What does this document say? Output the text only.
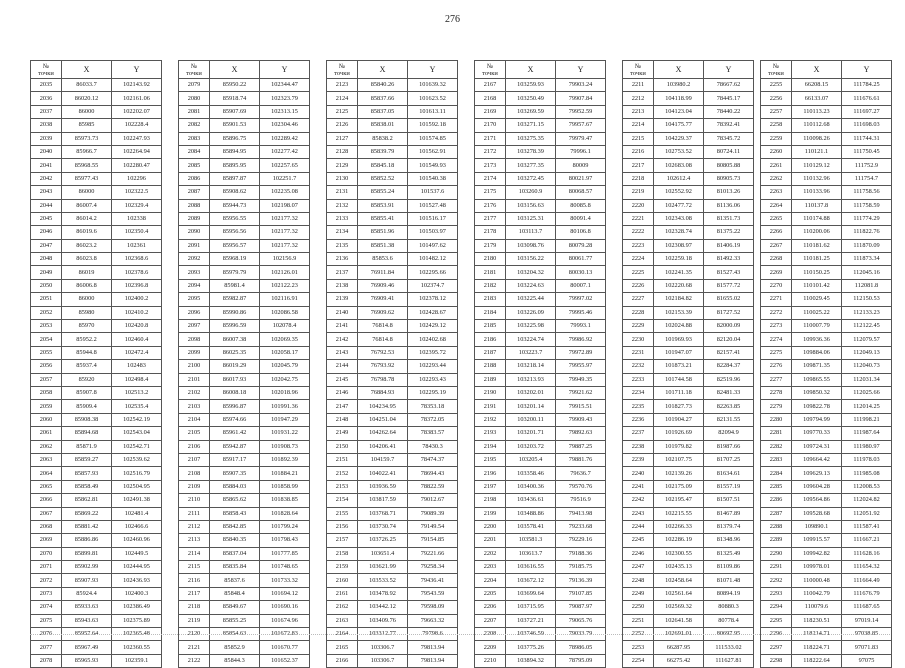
276
№
точки	X	Y
2035	86033.7	102143.92
2036	86020.12	102161.06
2037	86000	102202.07
2038	85985	102228.4
2039	85973.73	102247.93
2040	85966.7	102264.94
2041	85968.55	102280.47
2042	85977.43	102296
2043	86000	102322.5
2044	86007.4	102329.4
2045	86014.2	102338
2046	86019.6	102350.4
2047	86023.2	102361
2048	86023.8	102368.6
2049	86019	102378.6
2050	86006.8	102396.8
2051	86000	102400.2
2052	85980	102410.2
2053	85970	102420.8
2054	85952.2	102460.4
2055	85944.8	102472.4
2056	85937.4	102483
2057	85920	102498.4
2058	85907.8	102513.2
2059	85909.4	102535.4
2060	85908.38	102542.19
2061	85894.68	102543.04
2062	85871.9	102542.71
2063	85859.27	102539.62
2064	85857.93	102516.79
2065	85858.49	102504.95
2066	85862.81	102491.38
2067	85869.22	102481.4
2068	85881.42	102466.6
2069	85886.86	102460.96
2070	85899.81	102449.5
2071	85902.99	102444.95
2072	85907.93	102436.93
2073	85924.4	102400.3
2074	85933.63	102386.49
2075	85943.63	102375.89
2076	85957.64	102365.48
2077	85967.49	102360.55
2078	85965.93	102359.1
№
точки	X	Y
2079	85950.22	102344.47
2080	85918.74	102323.79
2081	85907.69	102313.15
2082	85901.53	102304.46
2083	85896.75	102289.42
2084	85894.95	102277.42
2085	85895.95	102257.65
2086	85897.87	102251.7
2087	85908.62	102235.08
2088	85944.73	102198.07
2089	85956.55	102177.32
2090	85956.56	102177.32
2091	85956.57	102177.32
2092	85968.19	102156.9
2093	85979.79	102126.01
2094	85981.4	102122.23
2095	85982.87	102116.91
2096	85990.86	102086.58
2097	85996.59	102078.4
2098	86007.38	102069.35
2099	86025.35	102058.17
2100	86019.29	102045.79
2101	86017.93	102042.75
2102	86008.18	102018.96
2103	85996.87	101991.36
2104	85974.66	101947.29
2105	85961.42	101931.22
2106	85942.87	101908.73
2107	85917.17	101892.39
2108	85907.35	101884.21
2109	85884.03	101858.99
2110	85865.62	101838.85
2111	85858.43	101828.64
2112	85842.85	101799.24
2113	85840.35	101798.43
2114	85837.04	101777.85
2115	85835.84	101748.65
2116	85837.6	101733.32
2117	85848.4	101694.12
2118	85849.67	101690.16
2119	85855.25	101674.96
2120	85854.63	101672.83
2121	85852.9	101670.77
2122	85844.3	101652.37
№
точки	X	Y
2123	85840.26	101639.32
2124	85837.66	101623.52
2125	85837.05	101613.11
2126	85838.01	101592.18
2127	85838.2	101574.85
2128	85839.79	101562.91
2129	85845.18	101549.93
2130	85852.52	101540.38
2131	85855.24	101537.6
2132	85853.91	101527.48
2133	85855.41	101516.17
2134	85851.96	101503.97
2135	85851.38	101497.62
2136	85853.6	101482.12
2137	76911.84	102295.66
2138	76909.46	102374.7
2139	76909.41	102378.12
2140	76909.62	102428.67
2141	76814.8	102429.12
2142	76814.8	102402.68
2143	76792.53	102395.72
2144	76793.92	102293.44
2145	76798.78	102293.43
2146	76884.93	102295.19
2147	104234.95	78353.18
2148	104251.04	78372.05
2149	104262.64	78383.57
2150	104206.41	78430.3
2151	104159.7	78474.37
2152	104022.41	78694.43
2153	103936.59	78822.59
2154	103817.59	79012.67
2155	103768.71	79089.39
2156	103730.74	79149.54
2157	103726.25	79154.85
2158	103651.4	79221.66
2159	103621.99	79258.34
2160	103533.52	79436.41
2161	103478.92	79543.59
2162	103442.12	79598.09
2163	103409.76	79663.32
2164	103312.77	79798.6
2165	103306.7	79813.94
2166	103306.7	79813.94
№
точки	X	Y
2167	103259.93	79903.24
2168	103250.49	79907.84
2169	103269.59	79952.59
2170	103271.15	79957.67
2171	103275.35	79979.47
2172	103278.39	79996.1
2173	103277.35	80009
2174	103272.45	80021.97
2175	103260.9	80068.57
2176	103156.63	80085.8
2177	103125.31	80091.4
2178	103113.7	80106.8
2179	103098.76	80079.28
2180	103156.22	80061.77
2181	103204.32	80030.13
2182	103224.63	80007.1
2183	103225.44	79997.02
2184	103226.09	79995.46
2185	103225.98	79993.1
2186	103224.74	79986.92
2187	103223.7	79972.89
2188	103218.14	79955.97
2189	103213.93	79949.35
2190	103202.01	79921.62
2191	103201.14	79915.51
2192	103200.11	79909.43
2193	103201.71	79892.63
2194	103203.72	79887.25
2195	103205.4	79881.76
2196	103358.46	79636.7
2197	103400.36	79570.76
2198	103436.61	79516.9
2199	103488.86	79413.98
2200	103578.41	79233.68
2201	103581.3	79229.16
2202	103613.7	79188.36
2203	103616.55	79185.75
2204	103672.12	79136.39
2205	103699.64	79107.85
2206	103715.95	79087.97
2207	103727.21	79065.76
2208	103746.59	79033.79
2209	103775.26	78986.05
2210	103894.32	78795.09
№
точки	X	Y
2211	103980.2	78667.62
2212	104118.99	78445.17
2213	104123.04	78440.22
2214	104175.77	78392.41
2215	104229.37	78345.72
2216	102753.52	80724.11
2217	102683.08	80805.88
2218	102612.4	80905.73
2219	102552.92	81013.26
2220	102477.72	81136.06
2221	102343.08	81351.73
2222	102328.74	81375.22
2223	102308.97	81406.19
2224	102259.18	81492.33
2225	102241.35	81527.43
2226	102220.68	81577.72
2227	102184.82	81655.02
2228	102153.39	81727.52
2229	102024.88	82000.09
2230	101969.93	82120.04
2231	101947.07	82157.41
2232	101873.21	82284.37
2233	101744.58	82519.96
2234	101711.18	82481.33
2235	101827.73	82263.85
2236	101904.27	82131.55
2237	101926.69	82094.9
2238	101979.82	81987.66
2239	102107.75	81707.25
2240	102139.26	81634.61
2241	102175.09	81557.19
2242	102195.47	81507.51
2243	102215.55	81467.89
2244	102266.33	81379.74
2245	102286.19	81348.96
2246	102300.55	81325.49
2247	102435.13	81109.86
2248	102458.64	81071.48
2249	102561.64	80894.19
2250	102569.32	80880.3
2251	102641.58	80778.4
2252	102691.01	80697.95
2253	66287.95	111533.02
2254	66275.42	111627.81
№
точки	X	Y
2255	66208.15	111784.25
2256	66133.07	111676.61
2257	110113.23	111697.27
2258	110112.68	111698.03
2259	110098.26	111744.31
2260	110121.1	111750.45
2261	110129.12	111752.9
2262	110132.96	111754.7
2263	110133.96	111758.56
2264	110137.8	111758.59
2265	110174.88	111774.29
2266	110200.06	111822.76
2267	110181.62	111870.09
2268	110181.25	111873.34
2269	110150.25	112045.16
2270	110101.42	112081.8
2271	110029.45	112150.53
2272	110025.22	112133.23
2273	110007.79	112122.45
2274	109936.36	112079.57
2275	109884.06	112049.13
2276	109871.35	112040.73
2277	109865.55	112031.34
2278	109850.32	112025.66
2279	109822.78	112014.25
2280	109794.99	111998.21
2281	109770.33	111987.64
2282	109724.31	111980.97
2283	109664.42	111978.03
2284	109629.13	111985.08
2285	109604.28	112008.53
2286	109564.86	112024.82
2287	109528.68	112051.92
2288	109890.1	111587.41
2289	109915.57	111667.21
2290	109942.82	111628.16
2291	109978.01	111654.32
2292	110000.48	111664.49
2293	110042.79	111676.79
2294	110079.6	111687.65
2295	118230.51	97019.14
2296	118214.71	97038.85
2297	118224.71	97071.83
2298	118222.64	97075
